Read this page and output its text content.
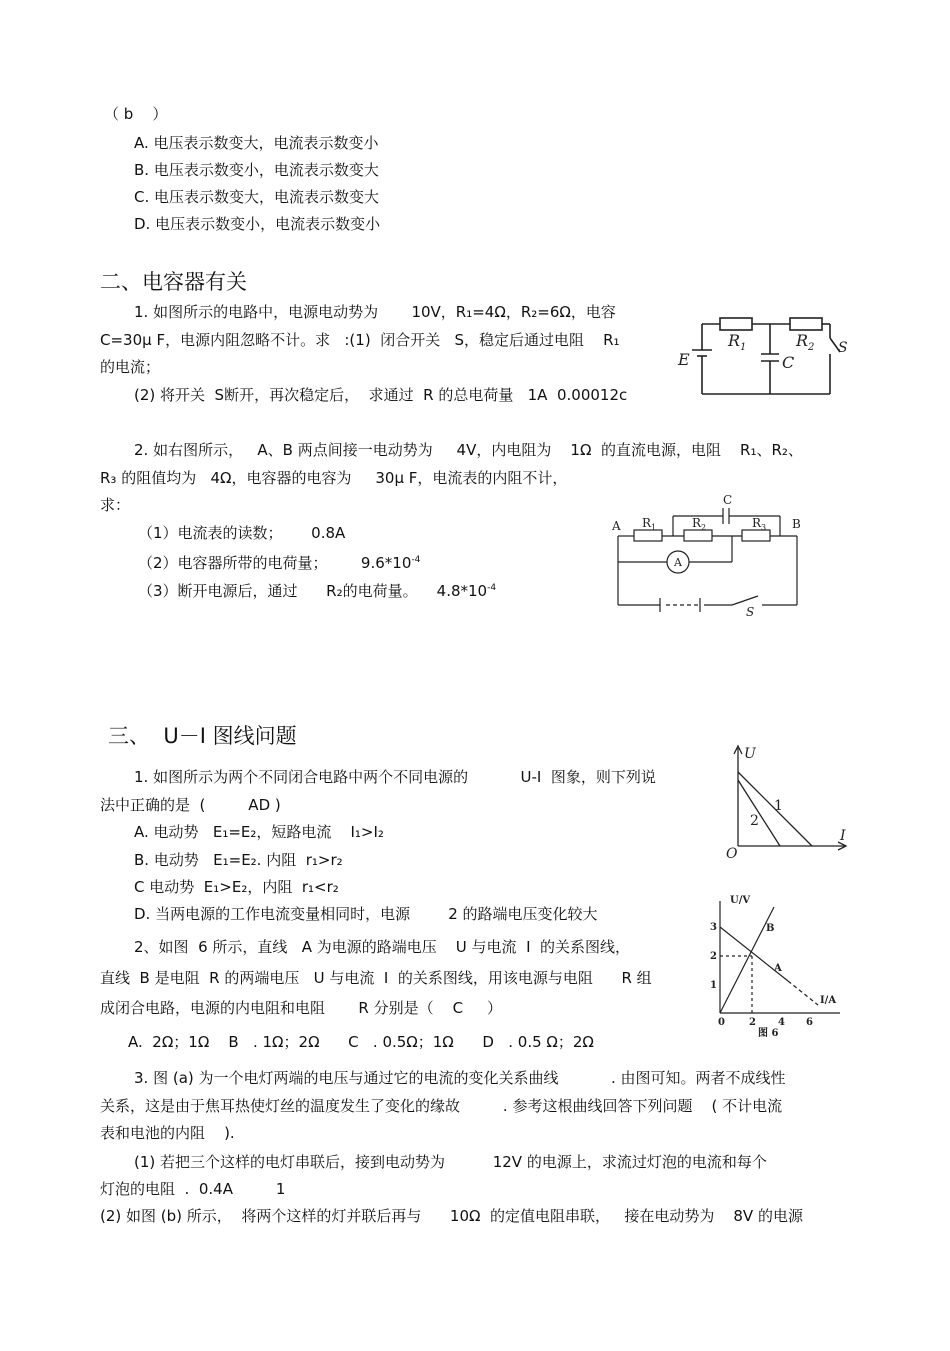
（ b    ）
A. 电压表示数变大，电流表示数变小
B. 电压表示数变小，电流表示数变大
C. 电压表示数变大，电流表示数变大
D. 电压表示数变小，电流表示数变小
二、电容器有关
1. 如图所示的电路中，电源电动势为       10V，R₁=4Ω，R₂=6Ω，电容
C=30μ F，电源内阻忽略不计。求   :(1)  闭合开关   S，稳定后通过电阻    R₁
的电流；
(2) 将开关  S断开，再次稳定后，  求通过  R 的总电荷量   1A  0.00012c
E
$R_1$	$R_2$
C
S
2. 如右图所示，   A、B 两点间接一电动势为     4V，内电阻为    1Ω  的直流电源，电阻    R₁、R₂、
R₃ 的阻值均为   4Ω，电容器的电容为     30μ F，电流表的内阻不计，
求：
（1）电流表的读数；      0.8A
（2）电容器所带的电荷量；       $9.6*10^{-4}$
（3）断开电源后，通过      R₂的电荷量。    $4.8*10^{-4}$
A	B
C
$R_1$	$R_2$	$R_3$
A
S
三、  U－I 图线问题
1. 如图所示为两个不同闭合电路中两个不同电源的           U-I  图象，则下列说
法中正确的是  (         AD )
A. 电动势   E₁=E₂，短路电流    I₁>I₂
B. 电动势   E₁=E₂. 内阻  r₁>r₂
C 电动势  E₁>E₂，内阻  r₁<r₂
D. 当两电源的工作电流变量相同时，电源        2 的路端电压变化较大
U
I
O
1
2
2、如图  6 所示，直线   A 为电源的路端电压    U 与电流  I  的关系图线，
直线  B 是电阻  R 的两端电压   U 与电流  I  的关系图线，用该电源与电阻      R 组
成闭合电路，电源的内电阻和电阻       R 分别是（    C     ）
A.  2Ω；1Ω    B   . 1Ω；2Ω      C   . 0.5Ω；1Ω      D   . 0.5 Ω；2Ω
U/V
I/A
3
2
1
0 2 4 6
A
B
图 6
3. 图 (a) 为一个电灯两端的电压与通过它的电流的变化关系曲线           . 由图可知。两者不成线性
关系，这是由于焦耳热使灯丝的温度发生了变化的缘故         . 参考这根曲线回答下列问题    ( 不计电流
表和电池的内阻    ).
(1) 若把三个这样的电灯串联后，接到电动势为          12V 的电源上，求流过灯泡的电流和每个
灯泡的电阻  .  0.4A         1
(2) 如图 (b) 所示，  将两个这样的灯并联后再与      10Ω  的定值电阻串联，   接在电动势为    8V 的电源
